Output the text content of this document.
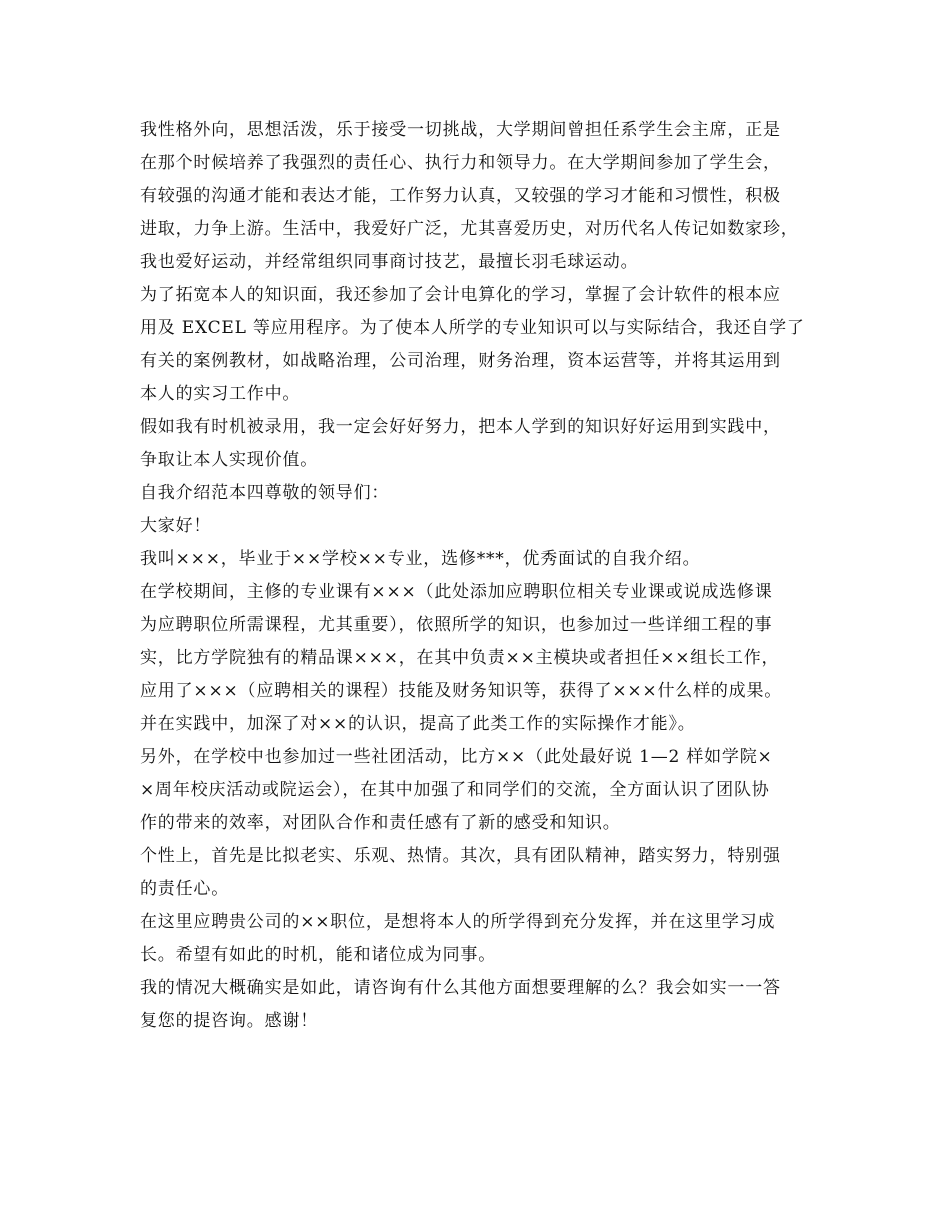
我性格外向，思想活泼，乐于接受一切挑战，大学期间曾担任系学生会主席，正是
在那个时候培养了我强烈的责任心、执行力和领导力。在大学期间参加了学生会，
有较强的沟通才能和表达才能，工作努力认真，又较强的学习才能和习惯性，积极
进取，力争上游。生活中，我爱好广泛，尤其喜爱历史，对历代名人传记如数家珍，
我也爱好运动，并经常组织同事商讨技艺，最擅长羽毛球运动。
为了拓宽本人的知识面，我还参加了会计电算化的学习，掌握了会计软件的根本应
用及 EXCEL 等应用程序。为了使本人所学的专业知识可以与实际结合，我还自学了
有关的案例教材，如战略治理，公司治理，财务治理，资本运营等，并将其运用到
本人的实习工作中。
假如我有时机被录用，我一定会好好努力，把本人学到的知识好好运用到实践中，
争取让本人实现价值。
自我介绍范本四尊敬的领导们：
大家好！
我叫×××，毕业于××学校××专业，选修***，优秀面试的自我介绍。
在学校期间，主修的专业课有×××（此处添加应聘职位相关专业课或说成选修课
为应聘职位所需课程，尤其重要），依照所学的知识，也参加过一些详细工程的事
实，比方学院独有的精品课×××，在其中负责××主模块或者担任××组长工作，
应用了×××（应聘相关的课程）技能及财务知识等，获得了×××什么样的成果。
并在实践中，加深了对××的认识，提高了此类工作的实际操作才能》。
另外，在学校中也参加过一些社团活动，比方××（此处最好说 1—2 样如学院×
×周年校庆活动或院运会），在其中加强了和同学们的交流，全方面认识了团队协
作的带来的效率，对团队合作和责任感有了新的感受和知识。
个性上，首先是比拟老实、乐观、热情。其次，具有团队精神，踏实努力，特别强
的责任心。
在这里应聘贵公司的××职位，是想将本人的所学得到充分发挥，并在这里学习成
长。希望有如此的时机，能和诸位成为同事。
我的情况大概确实是如此，请咨询有什么其他方面想要理解的么？我会如实一一答
复您的提咨询。感谢！
